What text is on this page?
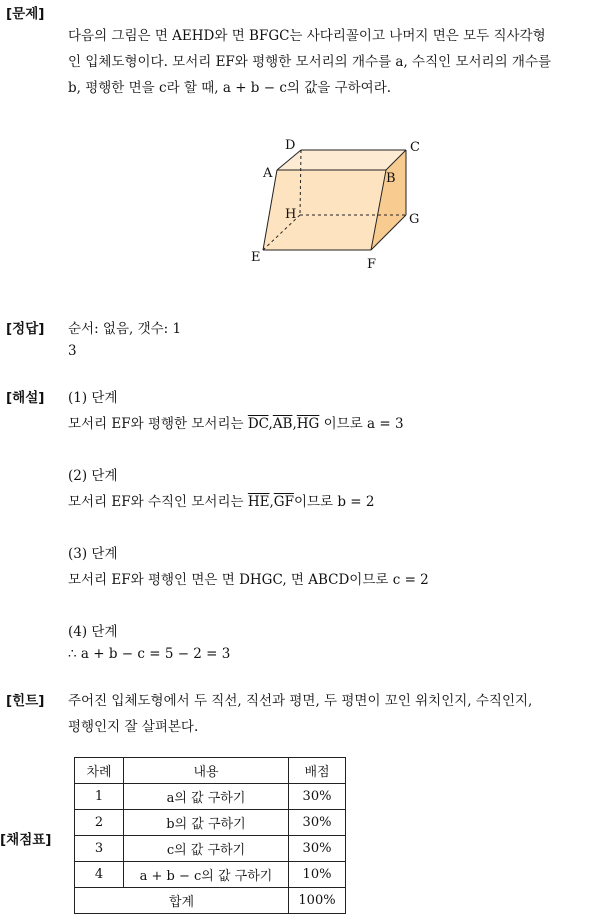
[문제]
다음의 그림은 면 AEHD와 면 BFGC는 사다리꼴이고 나머지 면은 모두 직사각형
인 입체도형이다. 모서리 EF와 평행한 모서리의 개수를 a, 수직인 모서리의 개수를
b, 평행한 면을 c라 할 때, a + b − c의 값을 구하여라.
D	C
A	B
H	G
E	F
[정답] 순서: 없음, 갯수: 1
3
[해설] (1) 단계
모서리 EF와 평행한 모서리는 $\overline{DC},\overline{AB},\overline{HG}$ 이므로 a = 3
(2) 단계
모서리 EF와 수직인 모서리는 $\overline{HE},\overline{GF}$이므로 b = 2
(3) 단계
모서리 EF와 평행인 면은 면 DHGC, 면 ABCD이므로 c = 2
(4) 단계
∴ a + b − c = 5 − 2 = 3
[힌트] 주어진 입체도형에서 두 직선, 직선과 평면, 두 평면이 꼬인 위치인지, 수직인지,
평행인지 잘 살펴본다.
[채점표]
차례	내용	배점
1	a의 값 구하기	30%
2	b의 값 구하기	30%
3	c의 값 구하기	30%
4	a + b − c의 값 구하기	10%
합계		100%
